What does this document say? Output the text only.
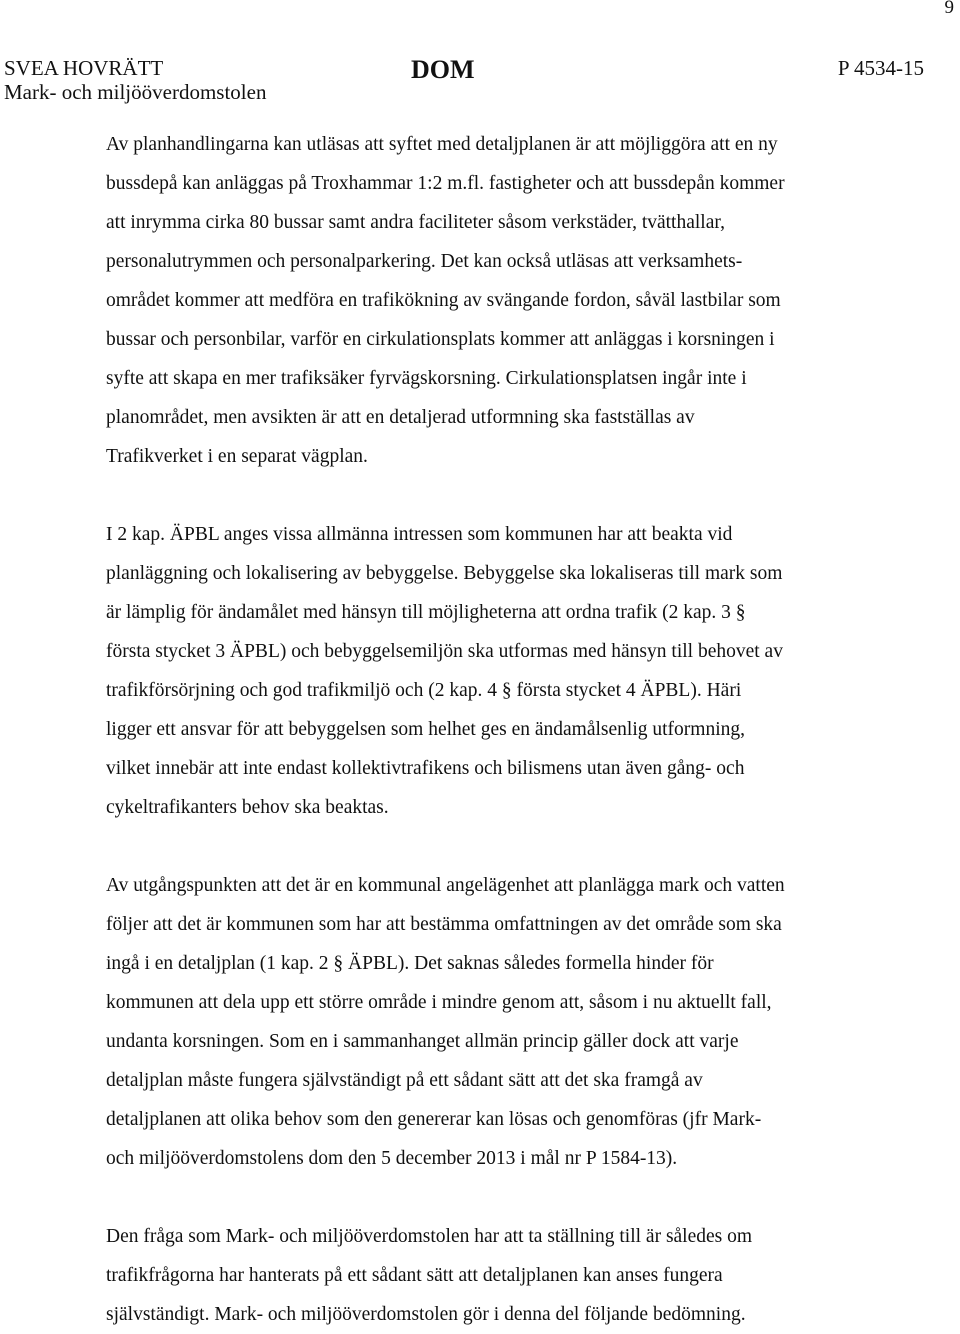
9
SVEA HOVRÄTT
Mark- och miljööverdomstolen
DOM	P 4534-15

Av planhandlingarna kan utläsas att syftet med detaljplanen är att möjliggöra att en ny
bussdepå kan anläggas på Troxhammar 1:2 m.fl. fastigheter och att bussdepån kommer
att inrymma cirka 80 bussar samt andra faciliteter såsom verkstäder, tvätthallar,
personalutrymmen och personalparkering. Det kan också utläsas att verksamhets-
området kommer att medföra en trafikökning av svängande fordon, såväl lastbilar som
bussar och personbilar, varför en cirkulationsplats kommer att anläggas i korsningen i
syfte att skapa en mer trafiksäker fyrvägskorsning. Cirkulationsplatsen ingår inte i
planområdet, men avsikten är att en detaljerad utformning ska fastställas av
Trafikverket i en separat vägplan.

I 2 kap. ÄPBL anges vissa allmänna intressen som kommunen har att beakta vid
planläggning och lokalisering av bebyggelse. Bebyggelse ska lokaliseras till mark som
är lämplig för ändamålet med hänsyn till möjligheterna att ordna trafik (2 kap. 3 §
första stycket 3 ÄPBL) och bebyggelsemiljön ska utformas med hänsyn till behovet av
trafikförsörjning och god trafikmiljö och (2 kap. 4 § första stycket 4 ÄPBL). Häri
ligger ett ansvar för att bebyggelsen som helhet ges en ändamålsenlig utformning,
vilket innebär att inte endast kollektivtrafikens och bilismens utan även gång- och
cykeltrafikanters behov ska beaktas.

Av utgångspunkten att det är en kommunal angelägenhet att planlägga mark och vatten
följer att det är kommunen som har att bestämma omfattningen av det område som ska
ingå i en detaljplan (1 kap. 2 § ÄPBL). Det saknas således formella hinder för
kommunen att dela upp ett större område i mindre genom att, såsom i nu aktuellt fall,
undanta korsningen. Som en i sammanhanget allmän princip gäller dock att varje
detaljplan måste fungera självständigt på ett sådant sätt att det ska framgå av
detaljplanen att olika behov som den genererar kan lösas och genomföras (jfr Mark-
och miljööverdomstolens dom den 5 december 2013 i mål nr P 1584-13).

Den fråga som Mark- och miljööverdomstolen har att ta ställning till är således om
trafikfrågorna har hanterats på ett sådant sätt att detaljplanen kan anses fungera
självständigt. Mark- och miljööverdomstolen gör i denna del följande bedömning.
